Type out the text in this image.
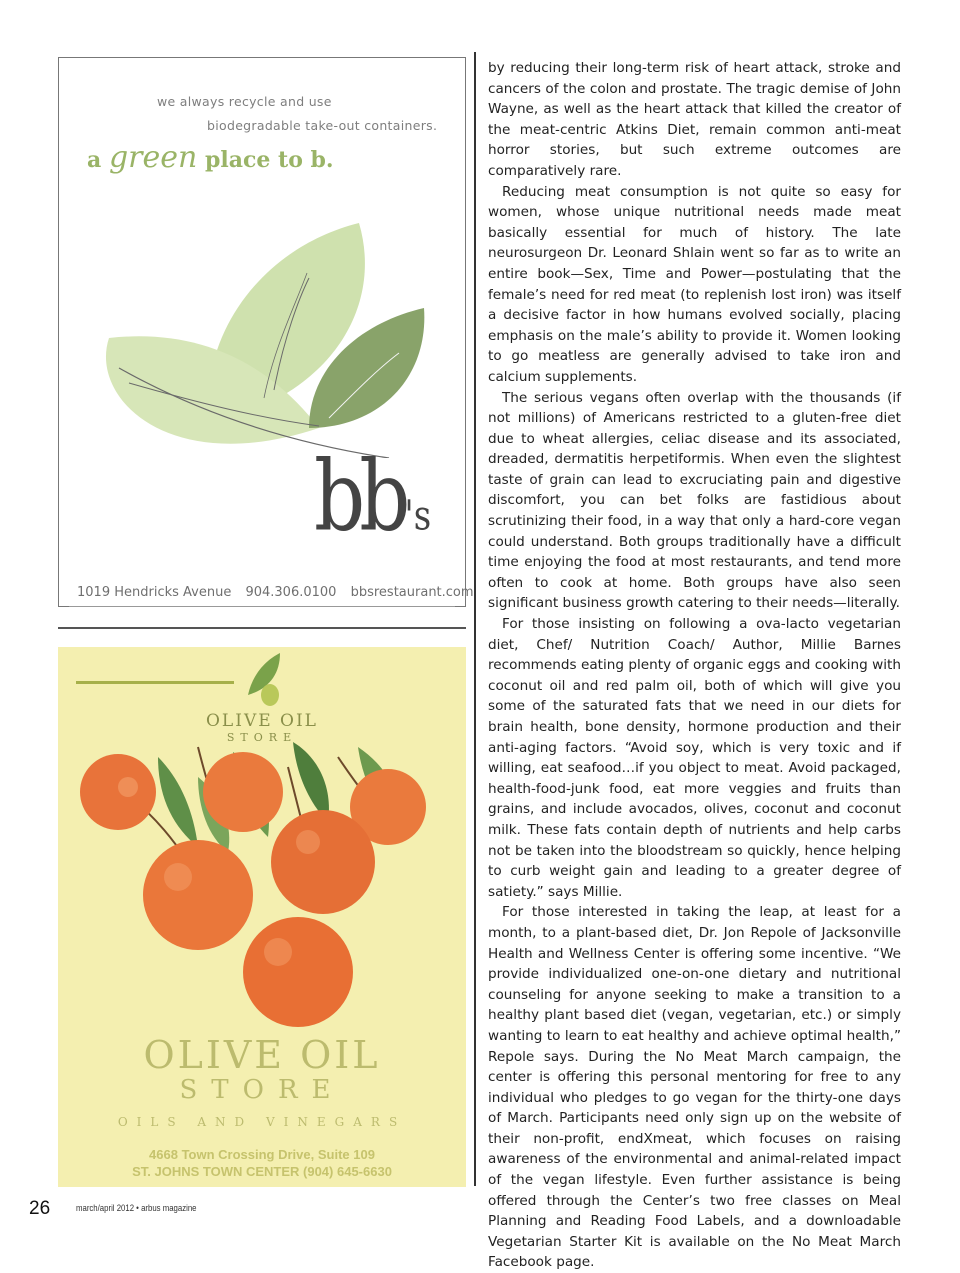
we always recycle and use
biodegradable take-out containers.
a green place to b.
bb's
1019 Hendricks Avenue 904.306.0100 bbsrestaurant.com
OLIVE OIL
STORE
OLIVE OIL
STORE
OILS AND VINEGARS
4668 Town Crossing Drive, Suite 109
ST. JOHNS TOWN CENTER (904) 645-6630

by reducing their long-term risk of heart attack, stroke and cancers of the colon and prostate. The tragic demise of John Wayne, as well as the heart attack that killed the creator of the meat-centric Atkins Diet, remain common anti-meat horror stories, but such extreme outcomes are comparatively rare.

Reducing meat consumption is not quite so easy for women, whose unique nutritional needs made meat basically essential for much of history. The late neurosurgeon Dr. Leonard Shlain went so far as to write an entire book—Sex, Time and Power—postulating that the female’s need for red meat (to replenish lost iron) was itself a decisive factor in how humans evolved socially, placing emphasis on the male’s ability to provide it. Women looking to go meatless are generally advised to take iron and calcium supplements.

The serious vegans often overlap with the thousands (if not millions) of Americans restricted to a gluten-free diet due to wheat allergies, celiac disease and its associated, dreaded, dermatitis herpetiformis. When even the slightest taste of grain can lead to excruciating pain and digestive discomfort, you can bet folks are fastidious about scrutinizing their food, in a way that only a hard-core vegan could understand. Both groups traditionally have a difficult time enjoying the food at most restaurants, and tend more often to cook at home. Both groups have also seen significant business growth catering to their needs—literally.

For those insisting on following a ova-lacto vegetarian diet, Chef/ Nutrition Coach/ Author, Millie Barnes recommends eating plenty of organic eggs and cooking with coconut oil and red palm oil, both of which will give you some of the saturated fats that we need in our diets for brain health, bone density, hormone production and their anti-aging factors. “Avoid soy, which is very toxic and if willing, eat seafood…if you object to meat. Avoid packaged, health-food-junk food, eat more veggies and fruits than grains, and include avocados, olives, coconut and coconut milk. These fats contain depth of nutrients and help carbs not be taken into the bloodstream so quickly, hence helping to curb weight gain and leading to a greater degree of satiety.” says Millie.

For those interested in taking the leap, at least for a month, to a plant-based diet, Dr. Jon Repole of Jacksonville Health and Wellness Center is offering some incentive. “We provide individualized one-on-one dietary and nutritional counseling for anyone seeking to make a transition to a healthy plant based diet (vegan, vegetarian, etc.) or simply wanting to learn to eat healthy and achieve optimal health,” Repole says. During the No Meat March campaign, the center is offering this personal mentoring for free to any individual who pledges to go vegan for the thirty-one days of March. Participants need only sign up on the website of their non-profit, endXmeat, which focuses on raising awareness of the environmental and animal-related impact of the vegan lifestyle. Even further assistance is being offered through the Center’s two free classes on Meal Planning and Reading Food Labels, and a downloadable Vegetarian Starter Kit is available on the No Meat March Facebook page.

26	march/april 2012 • arbus magazine
